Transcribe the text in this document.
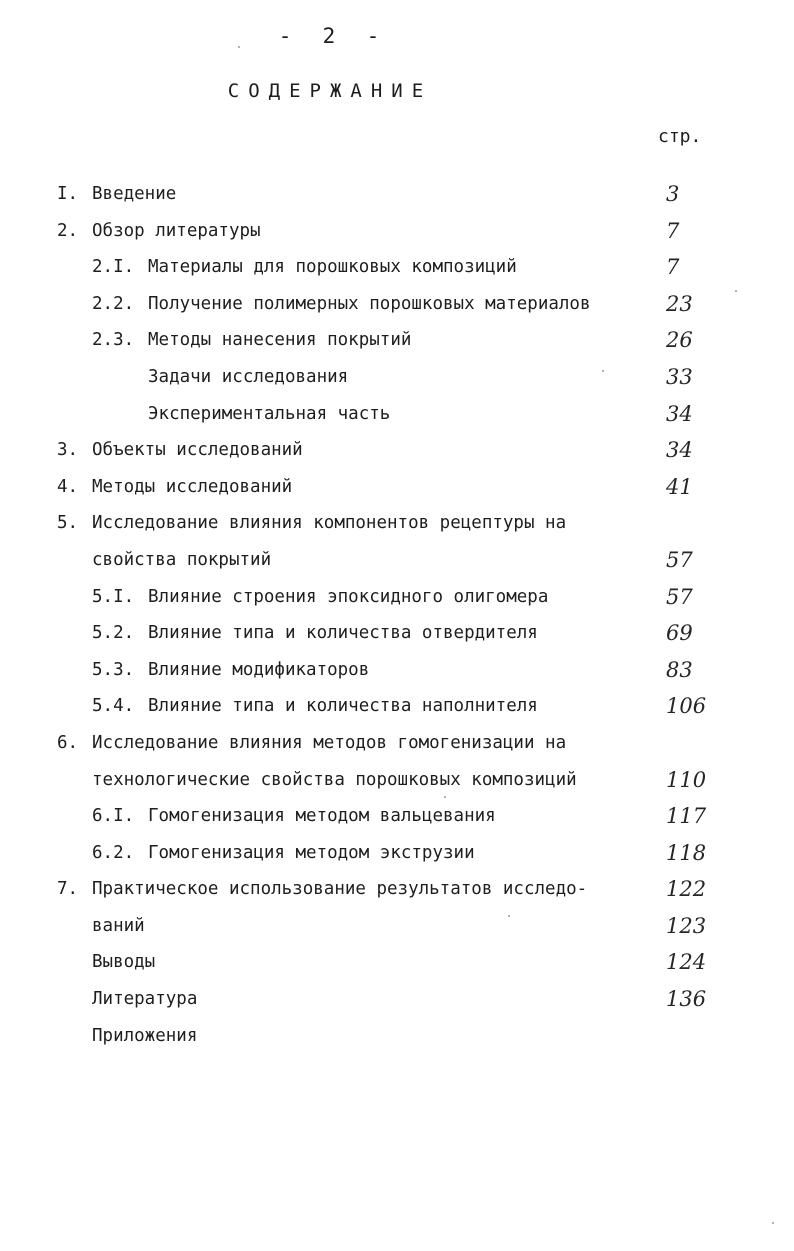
-  2  -
СОДЕРЖАНИЕ
стр.
I. Введение	3
2. Обзор литературы	7
2.I. Материалы для порошковых композиций	7
2.2. Получение полимерных порошковых материалов	23
2.3. Методы нанесения покрытий	26
Задачи исследования	33
Экспериментальная часть	34
3. Объекты исследований	34
4. Методы исследований	41
5. Исследование влияния компонентов рецептуры на
свойства покрытий	57
5.I. Влияние строения эпоксидного олигомера	57
5.2. Влияние типа и количества отвердителя	69
5.3. Влияние модификаторов	83
5.4. Влияние типа и количества наполнителя	106
6. Исследование влияния методов гомогенизации на
технологические свойства порошковых композиций	110
6.I. Гомогенизация методом вальцевания	117
6.2. Гомогенизация методом экструзии	118
7. Практическое использование результатов исследо-	122
ваний	123
Выводы	124
Литература	136
Приложения
